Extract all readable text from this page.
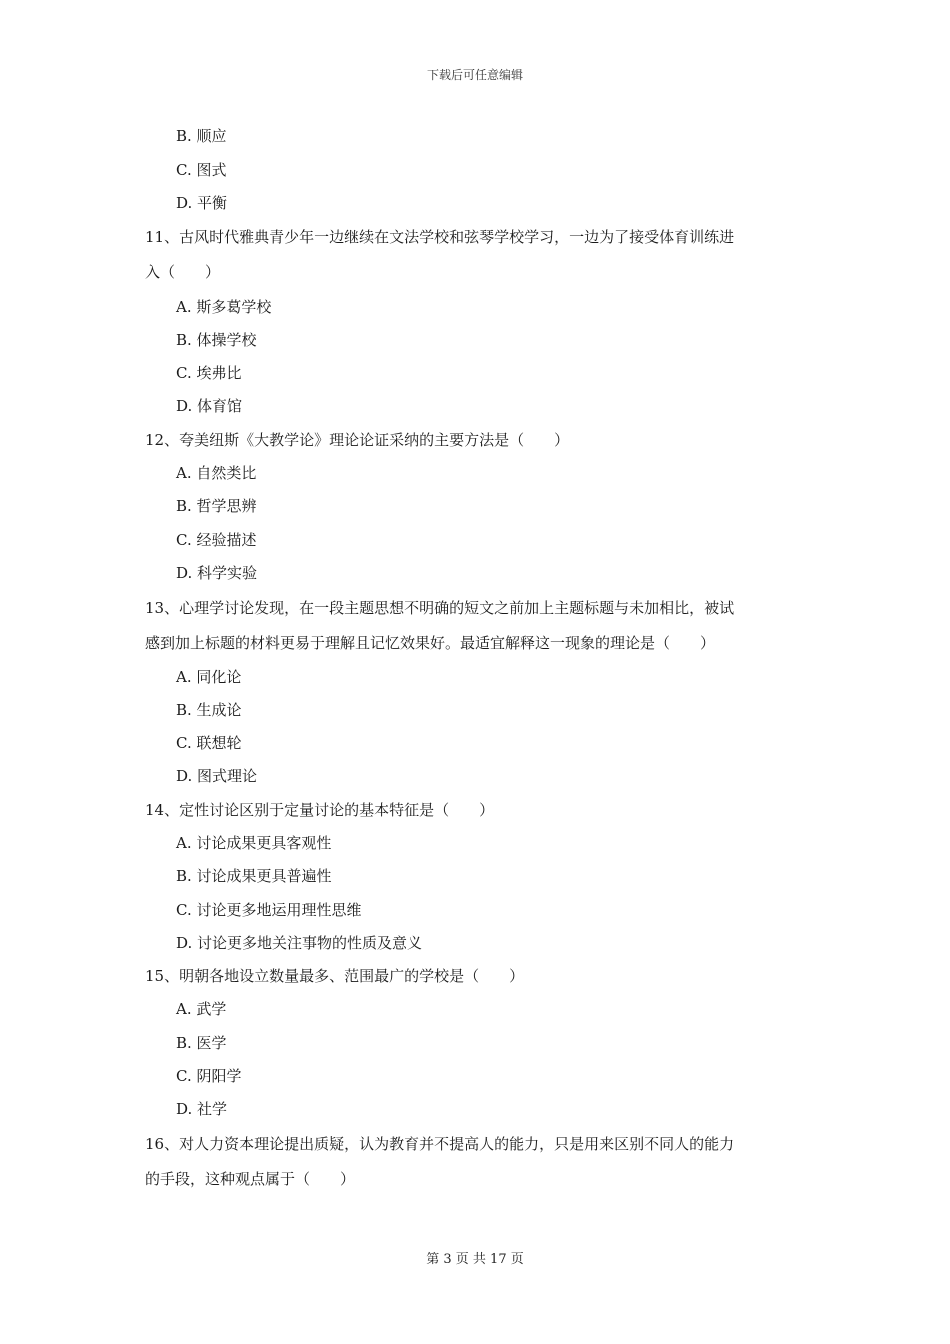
下载后可任意编辑
B. 顺应
C. 图式
D. 平衡
11、古风时代雅典青少年一边继续在文法学校和弦琴学校学习，一边为了接受体育训练进
入（　　）
A. 斯多葛学校
B. 体操学校
C. 埃弗比
D. 体育馆
12、夸美纽斯《大教学论》理论论证采纳的主要方法是（　　）
A. 自然类比
B. 哲学思辨
C. 经验描述
D. 科学实验
13、心理学讨论发现，在一段主题思想不明确的短文之前加上主题标题与未加相比，被试
感到加上标题的材料更易于理解且记忆效果好。最适宜解释这一现象的理论是（　　）
A. 同化论
B. 生成论
C. 联想轮
D. 图式理论
14、定性讨论区别于定量讨论的基本特征是（　　）
A. 讨论成果更具客观性
B. 讨论成果更具普遍性
C. 讨论更多地运用理性思维
D. 讨论更多地关注事物的性质及意义
15、明朝各地设立数量最多、范围最广的学校是（　　）
A. 武学
B. 医学
C. 阴阳学
D. 社学
16、对人力资本理论提出质疑，认为教育并不提高人的能力，只是用来区别不同人的能力
的手段，这种观点属于（　　）
第 3 页 共 17 页
